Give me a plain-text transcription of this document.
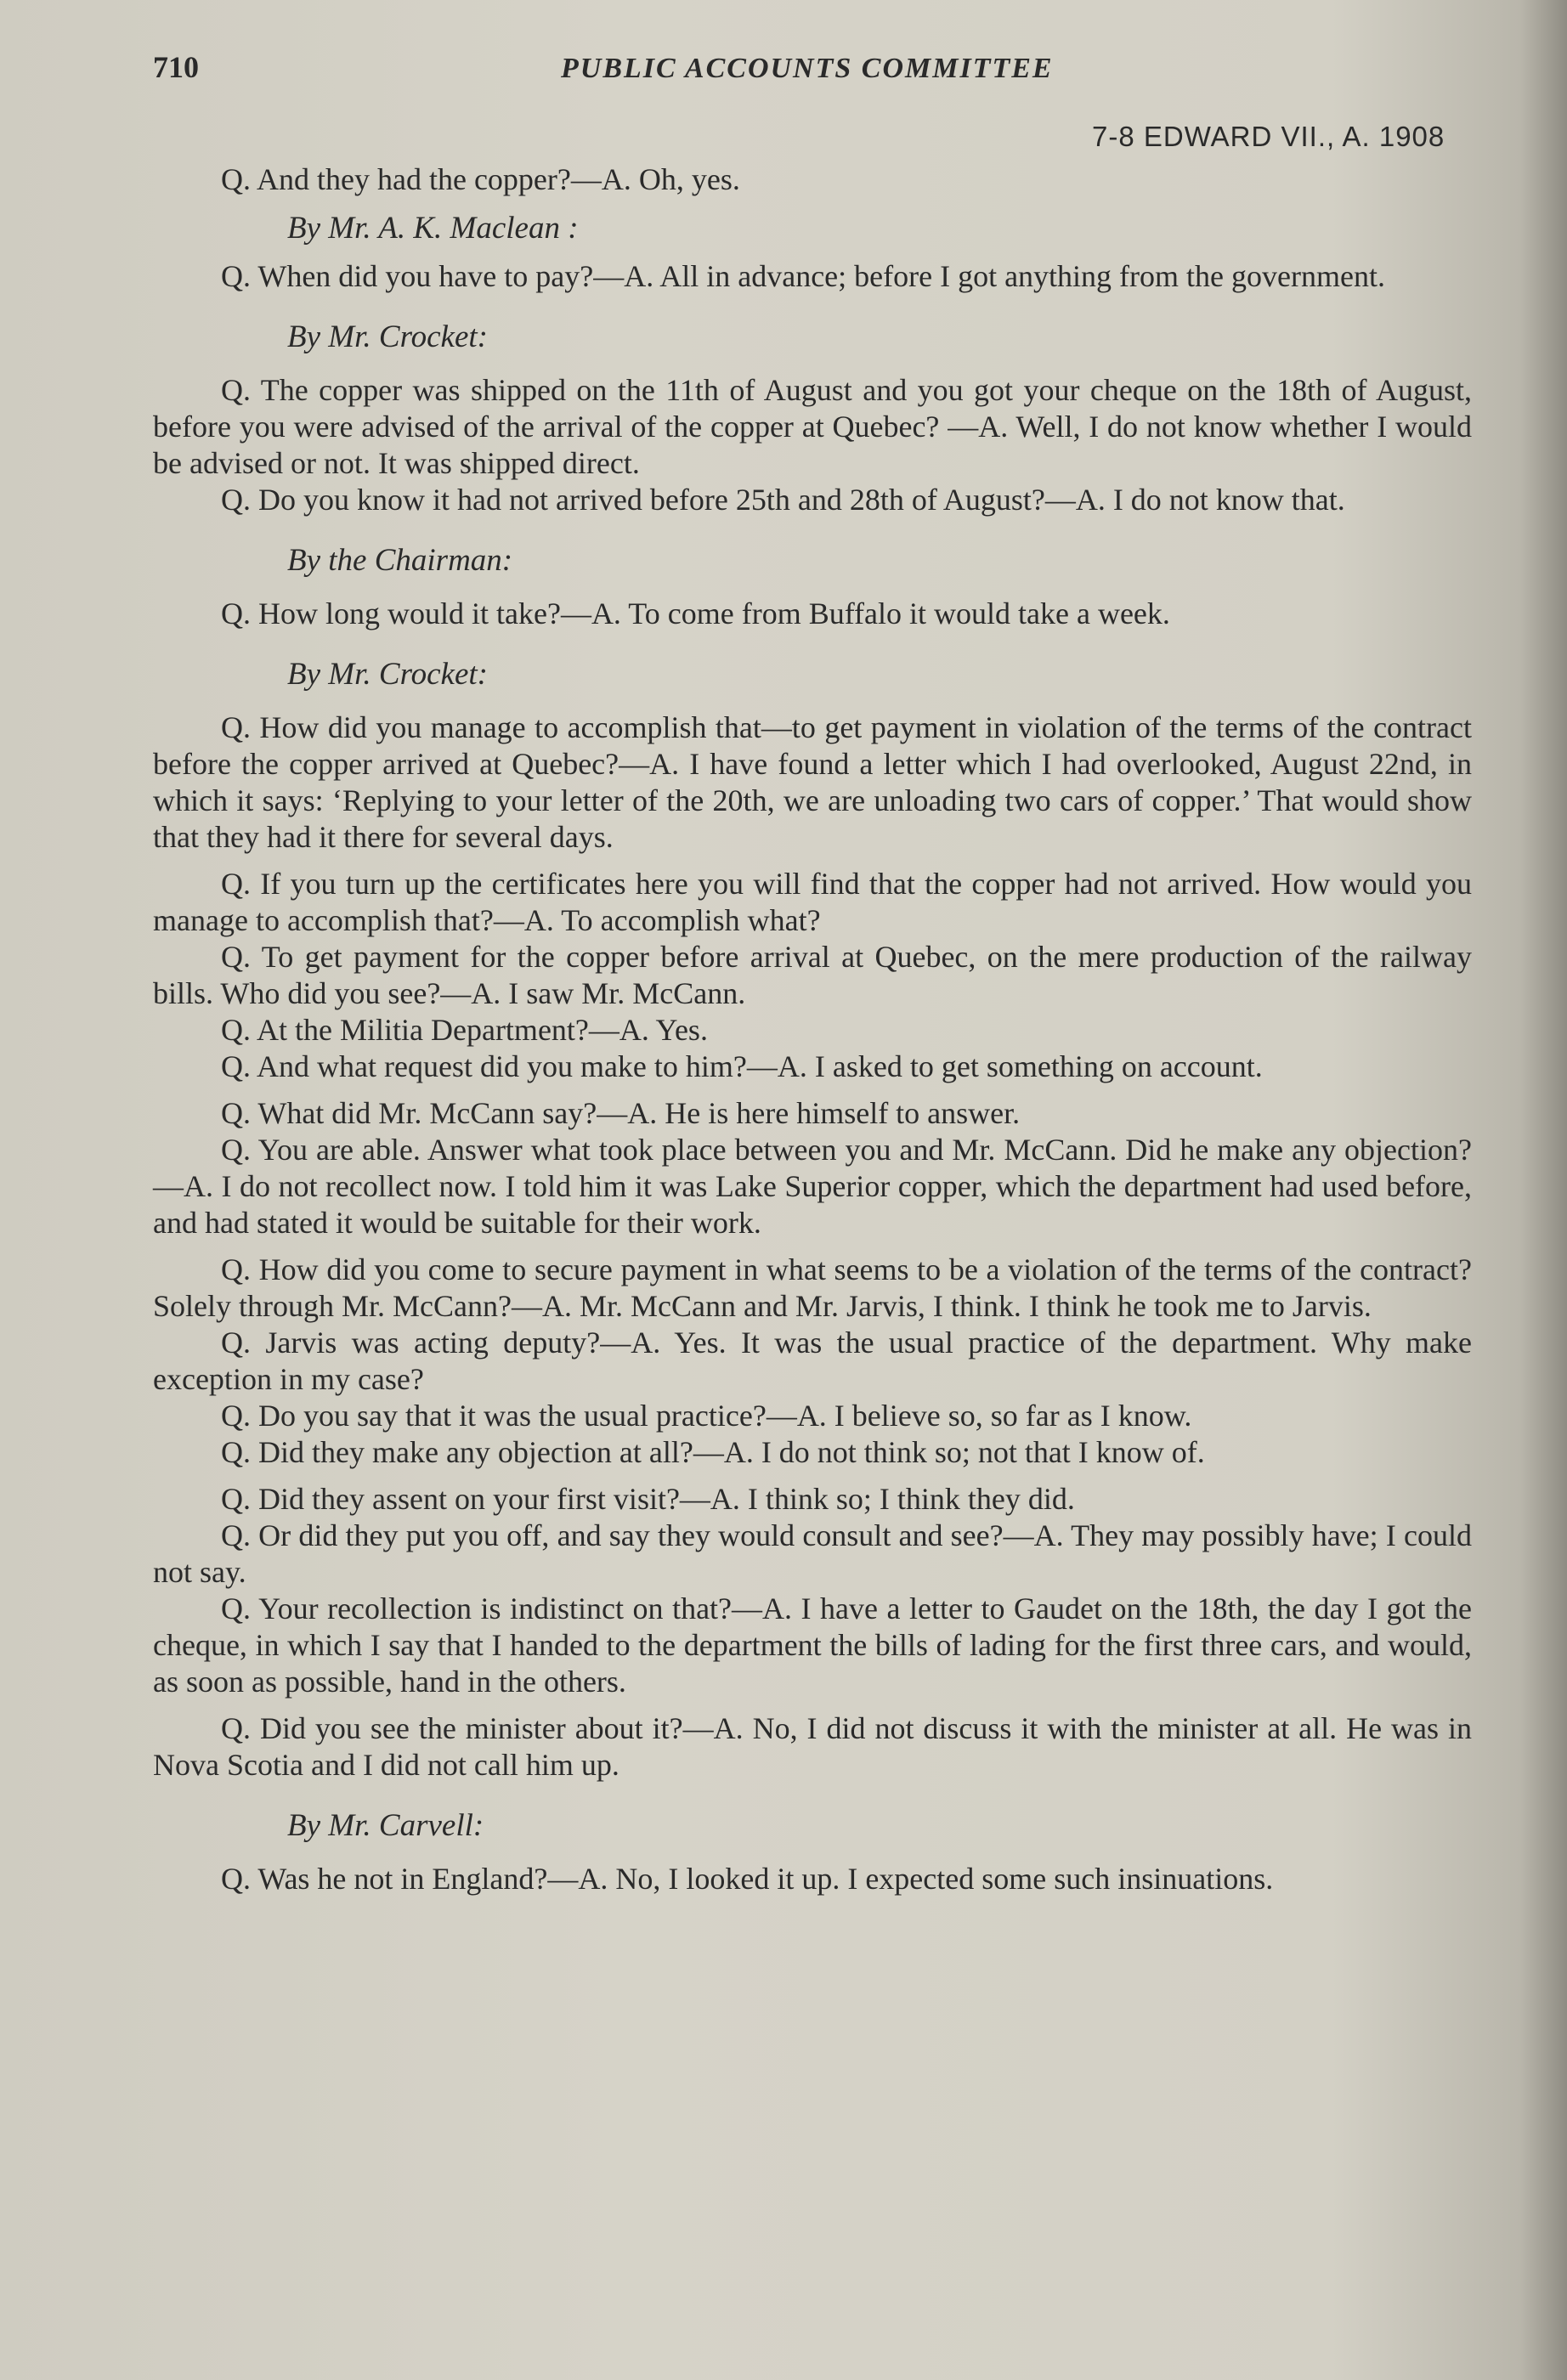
710	PUBLIC ACCOUNTS COMMITTEE
7-8 EDWARD VII., A. 1908

Q. And they had the copper?—A. Oh, yes.

By Mr. A. K. Maclean :

Q. When did you have to pay?—A. All in advance; before I got anything from the government.

By Mr. Crocket:

Q. The copper was shipped on the 11th of August and you got your cheque on the 18th of August, before you were advised of the arrival of the copper at Quebec? —A. Well, I do not know whether I would be advised or not. It was shipped direct.

Q. Do you know it had not arrived before 25th and 28th of August?—A. I do not know that.

By the Chairman:

Q. How long would it take?—A. To come from Buffalo it would take a week.

By Mr. Crocket:

Q. How did you manage to accomplish that—to get payment in violation of the terms of the contract before the copper arrived at Quebec?—A. I have found a letter which I had overlooked, August 22nd, in which it says: ‘Replying to your letter of the 20th, we are unloading two cars of copper.’ That would show that they had it there for several days.

Q. If you turn up the certificates here you will find that the copper had not arrived. How would you manage to accomplish that?—A. To accomplish what?

Q. To get payment for the copper before arrival at Quebec, on the mere production of the railway bills. Who did you see?—A. I saw Mr. McCann.

Q. At the Militia Department?—A. Yes.

Q. And what request did you make to him?—A. I asked to get something on account.

Q. What did Mr. McCann say?—A. He is here himself to answer.

Q. You are able. Answer what took place between you and Mr. McCann. Did he make any objection?—A. I do not recollect now. I told him it was Lake Superior copper, which the department had used before, and had stated it would be suitable for their work.

Q. How did you come to secure payment in what seems to be a violation of the terms of the contract? Solely through Mr. McCann?—A. Mr. McCann and Mr. Jarvis, I think. I think he took me to Jarvis.

Q. Jarvis was acting deputy?—A. Yes. It was the usual practice of the department. Why make exception in my case?

Q. Do you say that it was the usual practice?—A. I believe so, so far as I know.

Q. Did they make any objection at all?—A. I do not think so; not that I know of.

Q. Did they assent on your first visit?—A. I think so; I think they did.

Q. Or did they put you off, and say they would consult and see?—A. They may possibly have; I could not say.

Q. Your recollection is indistinct on that?—A. I have a letter to Gaudet on the 18th, the day I got the cheque, in which I say that I handed to the department the bills of lading for the first three cars, and would, as soon as possible, hand in the others.

Q. Did you see the minister about it?—A. No, I did not discuss it with the minister at all. He was in Nova Scotia and I did not call him up.

By Mr. Carvell:

Q. Was he not in England?—A. No, I looked it up. I expected some such insinuations.
